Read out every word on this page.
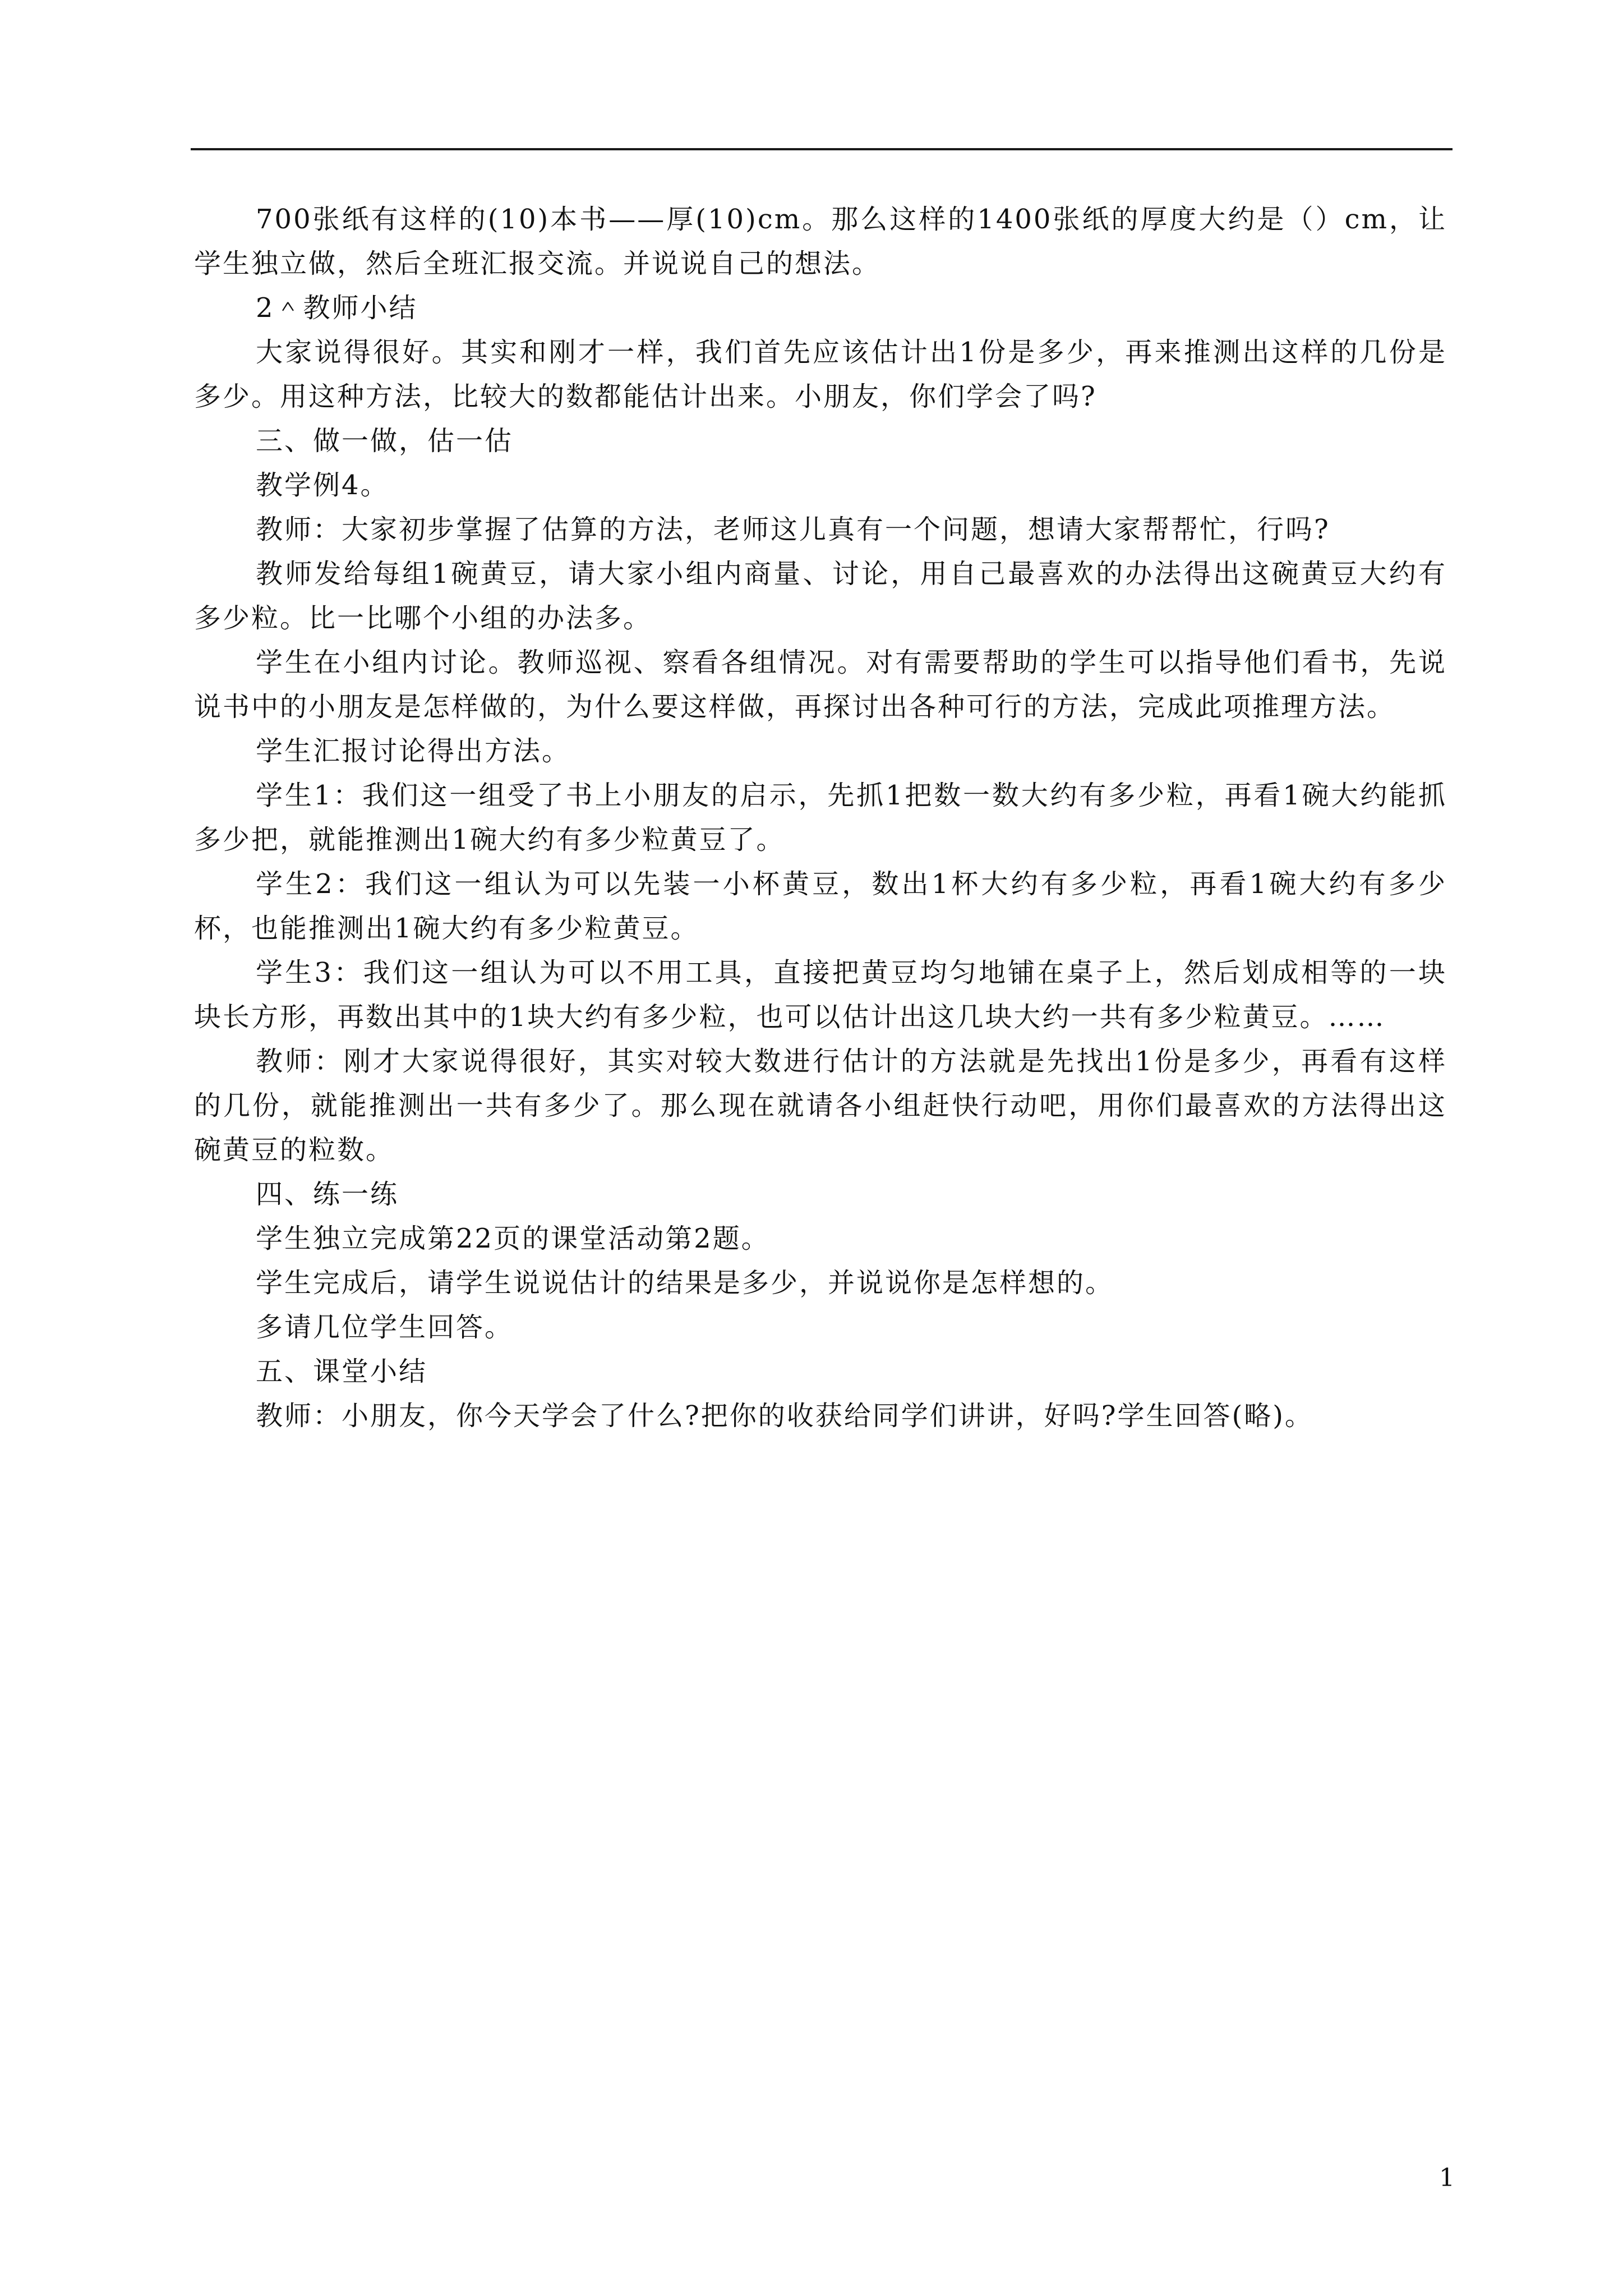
700张纸有这样的(10)本书——厚(10)cm。那么这样的1400张纸的厚度大约是（）cm，让学生独立做，然后全班汇报交流。并说说自己的想法。

2＾教师小结

大家说得很好。其实和刚才一样，我们首先应该估计出1份是多少，再来推测出这样的几份是多少。用这种方法，比较大的数都能估计出来。小朋友，你们学会了吗?

三、做一做，估一估

教学例4。

教师：大家初步掌握了估算的方法，老师这儿真有一个问题，想请大家帮帮忙，行吗?

教师发给每组1碗黄豆，请大家小组内商量、讨论，用自己最喜欢的办法得出这碗黄豆大约有多少粒。比一比哪个小组的办法多。

学生在小组内讨论。教师巡视、察看各组情况。对有需要帮助的学生可以指导他们看书，先说说书中的小朋友是怎样做的，为什么要这样做，再探讨出各种可行的方法，完成此项推理方法。

学生汇报讨论得出方法。

学生1：我们这一组受了书上小朋友的启示，先抓1把数一数大约有多少粒，再看1碗大约能抓多少把，就能推测出1碗大约有多少粒黄豆了。

学生2：我们这一组认为可以先装一小杯黄豆，数出1杯大约有多少粒，再看1碗大约有多少杯，也能推测出1碗大约有多少粒黄豆。

学生3：我们这一组认为可以不用工具，直接把黄豆均匀地铺在桌子上，然后划成相等的一块块长方形，再数出其中的1块大约有多少粒，也可以估计出这几块大约一共有多少粒黄豆。……

教师：刚才大家说得很好，其实对较大数进行估计的方法就是先找出1份是多少，再看有这样的几份，就能推测出一共有多少了。那么现在就请各小组赶快行动吧，用你们最喜欢的方法得出这碗黄豆的粒数。

四、练一练

学生独立完成第22页的课堂活动第2题。

学生完成后，请学生说说估计的结果是多少，并说说你是怎样想的。

多请几位学生回答。

五、课堂小结

教师：小朋友，你今天学会了什么?把你的收获给同学们讲讲，好吗?学生回答(略)。

1
